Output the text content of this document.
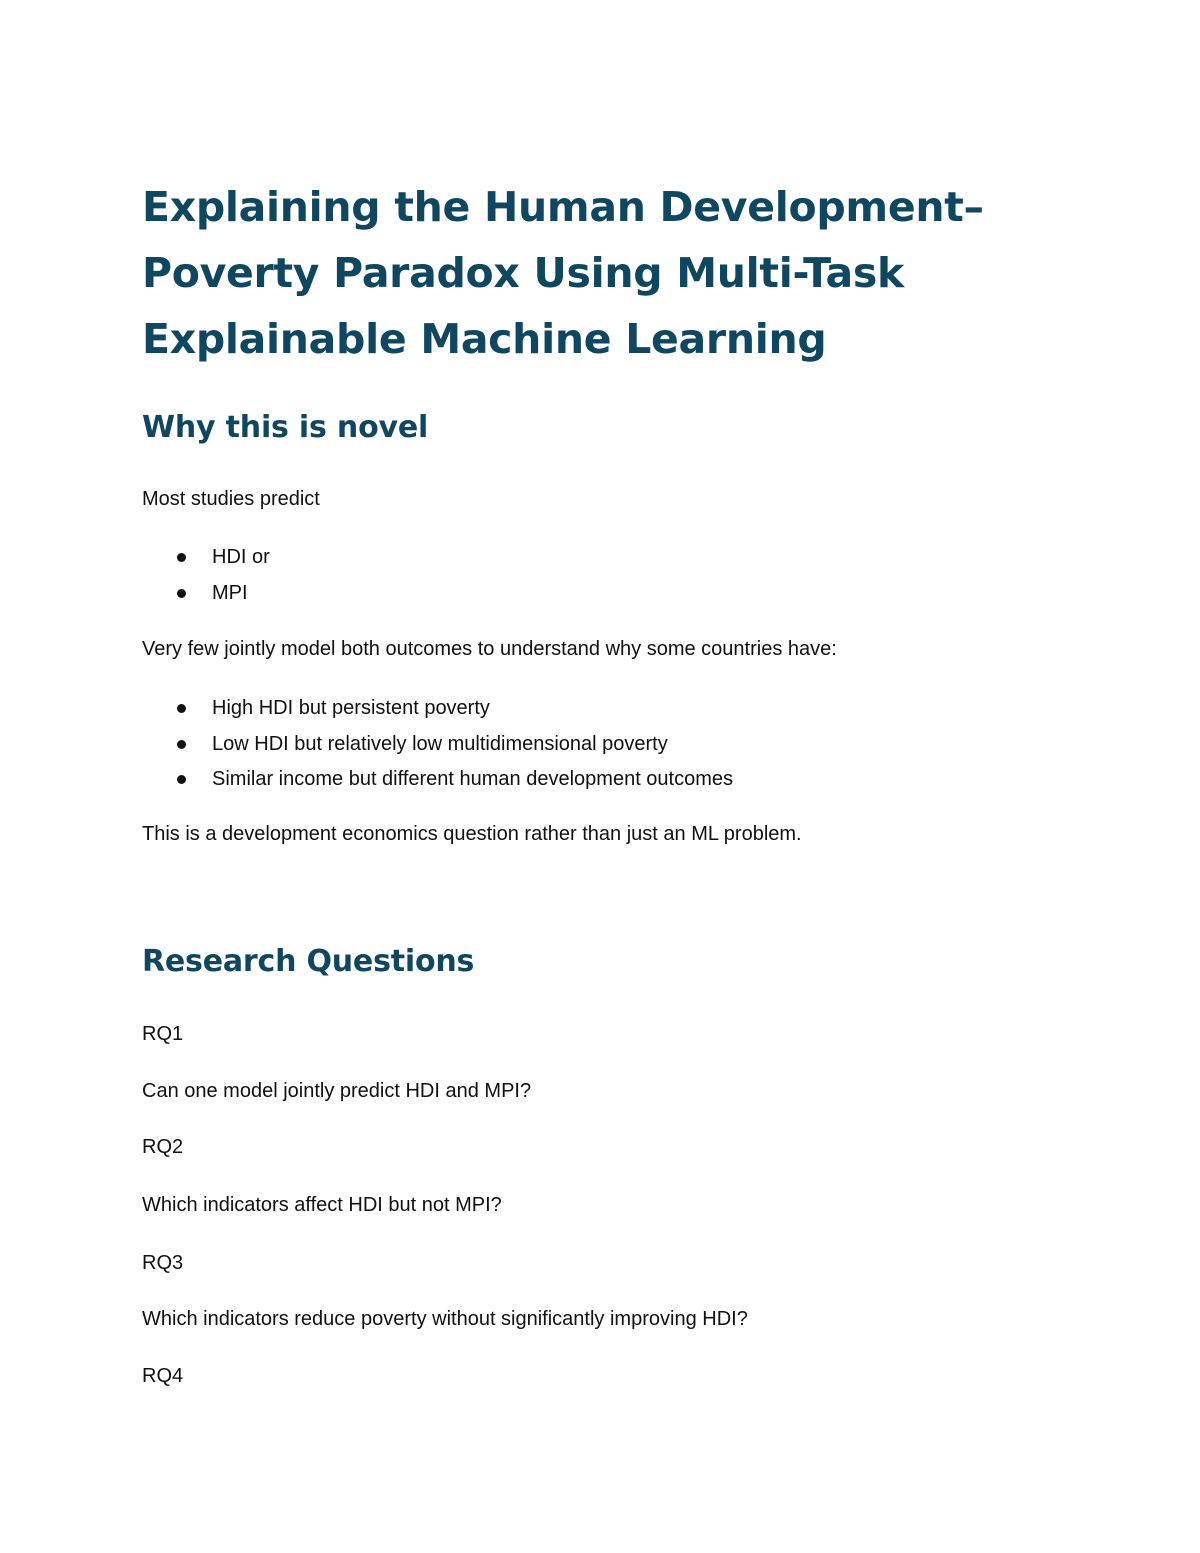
Explaining the Human Development–Poverty Paradox Using Multi-Task Explainable Machine Learning
Why this is novel

Most studies predict

HDI or
MPI

Very few jointly model both outcomes to understand why some countries have:

High HDI but persistent poverty
Low HDI but relatively low multidimensional poverty
Similar income but different human development outcomes

This is a development economics question rather than just an ML problem.

Research Questions

RQ1

Can one model jointly predict HDI and MPI?

RQ2

Which indicators affect HDI but not MPI?

RQ3

Which indicators reduce poverty without significantly improving HDI?

RQ4
